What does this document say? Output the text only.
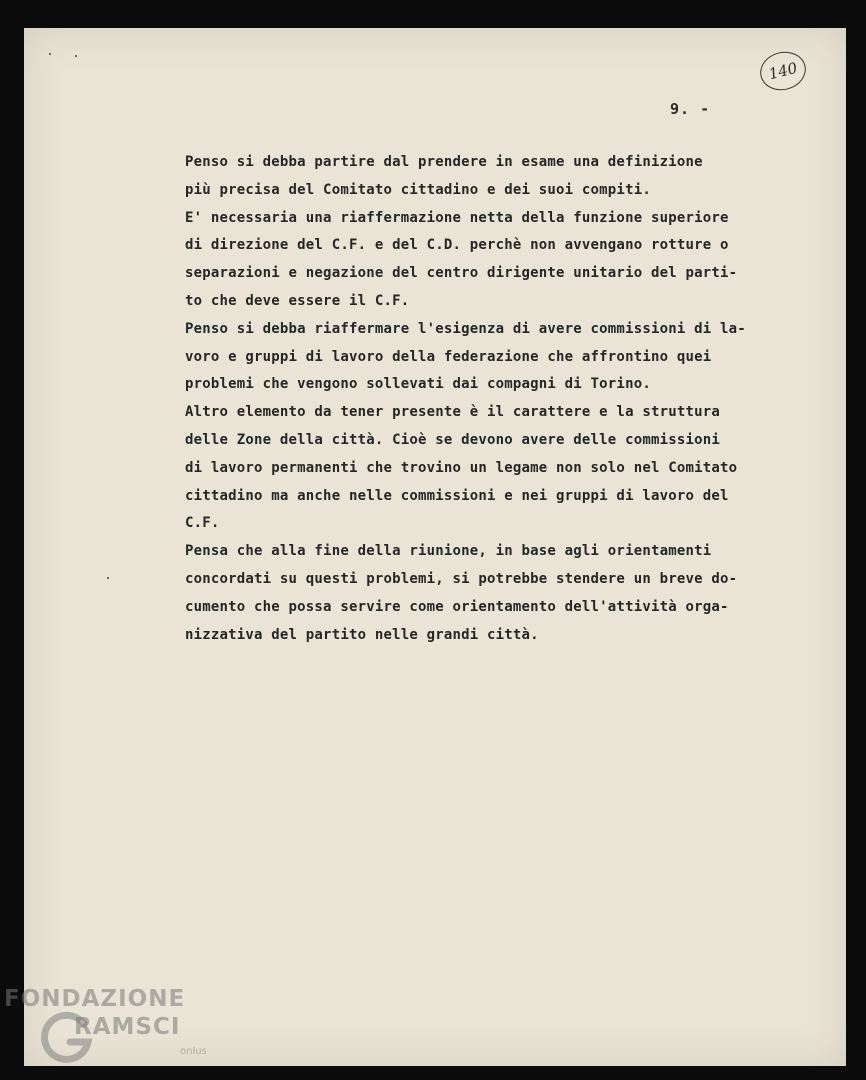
140
9. -
Penso si debba partire dal prendere in esame una definizione
più precisa del Comitato cittadino e dei suoi compiti.
E' necessaria una riaffermazione netta della funzione superiore
di direzione del C.F. e del C.D. perchè non avvengano rotture o
separazioni e negazione del centro dirigente unitario del parti-
to che deve essere il C.F.
Penso si debba riaffermare l'esigenza di avere commissioni di la-
voro e gruppi di lavoro della federazione che affrontino quei
problemi che vengono sollevati dai compagni di Torino.
Altro elemento da tener presente è il carattere e la struttura
delle Zone della città. Cioè se devono avere delle commissioni
di lavoro permanenti che trovino un legame non solo nel Comitato
cittadino ma anche nelle commissioni e nei gruppi di lavoro del
C.F.
Pensa che alla fine della riunione, in base agli orientamenti
concordati su questi problemi, si potrebbe stendere un breve do-
cumento che possa servire come orientamento dell'attività orga-
nizzativa del partito nelle grandi città.
FONDAZIONE
RAMSCI
onlus
